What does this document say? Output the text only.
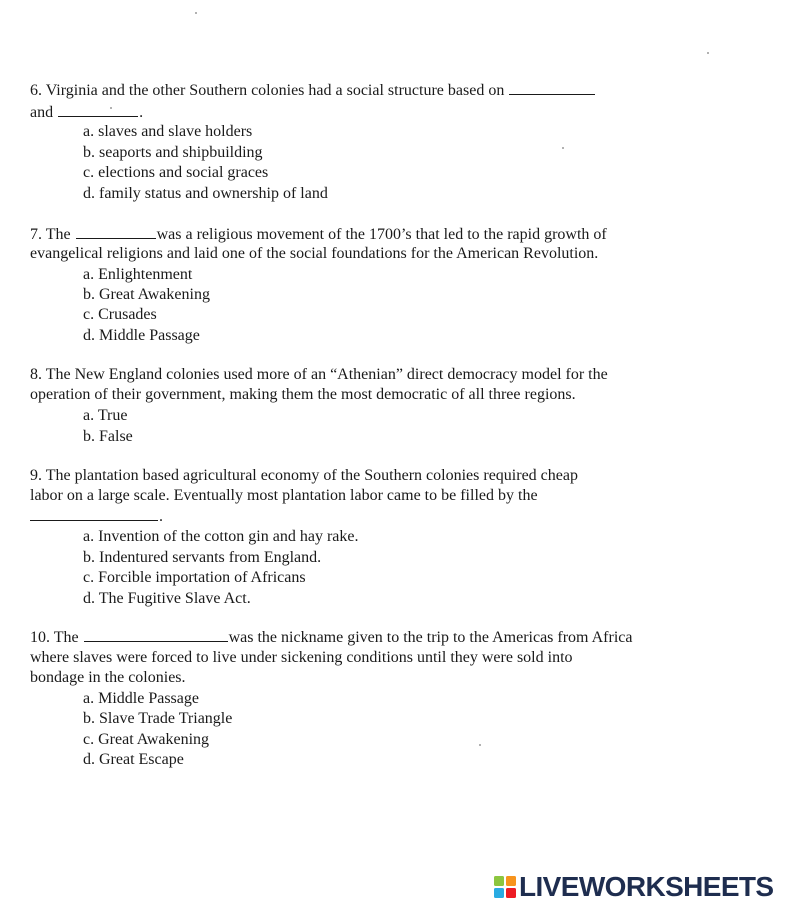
6. Virginia and the other Southern colonies had a social structure based on
and	.
a. slaves and slave holders
b. seaports and shipbuilding
c. elections and social graces
d. family status and ownership of land
7. The	was a religious movement of the 1700’s that led to the rapid growth of
evangelical religions and laid one of the social foundations for the American Revolution.
a. Enlightenment
b. Great Awakening
c. Crusades
d. Middle Passage
8. The New England colonies used more of an “Athenian” direct democracy model for the
operation of their government, making them the most democratic of all three regions.
a. True
b. False
9. The plantation based agricultural economy of the Southern colonies required cheap
labor on a large scale. Eventually most plantation labor came to be filled by the
.
a. Invention of the cotton gin and hay rake.
b. Indentured servants from England.
c. Forcible importation of Africans
d. The Fugitive Slave Act.
10. The	was the nickname given to the trip to the Americas from Africa
where slaves were forced to live under sickening conditions until they were sold into
bondage in the colonies.
a. Middle Passage
b. Slave Trade Triangle
c. Great Awakening
d. Great Escape
LIVEWORKSHEETS
